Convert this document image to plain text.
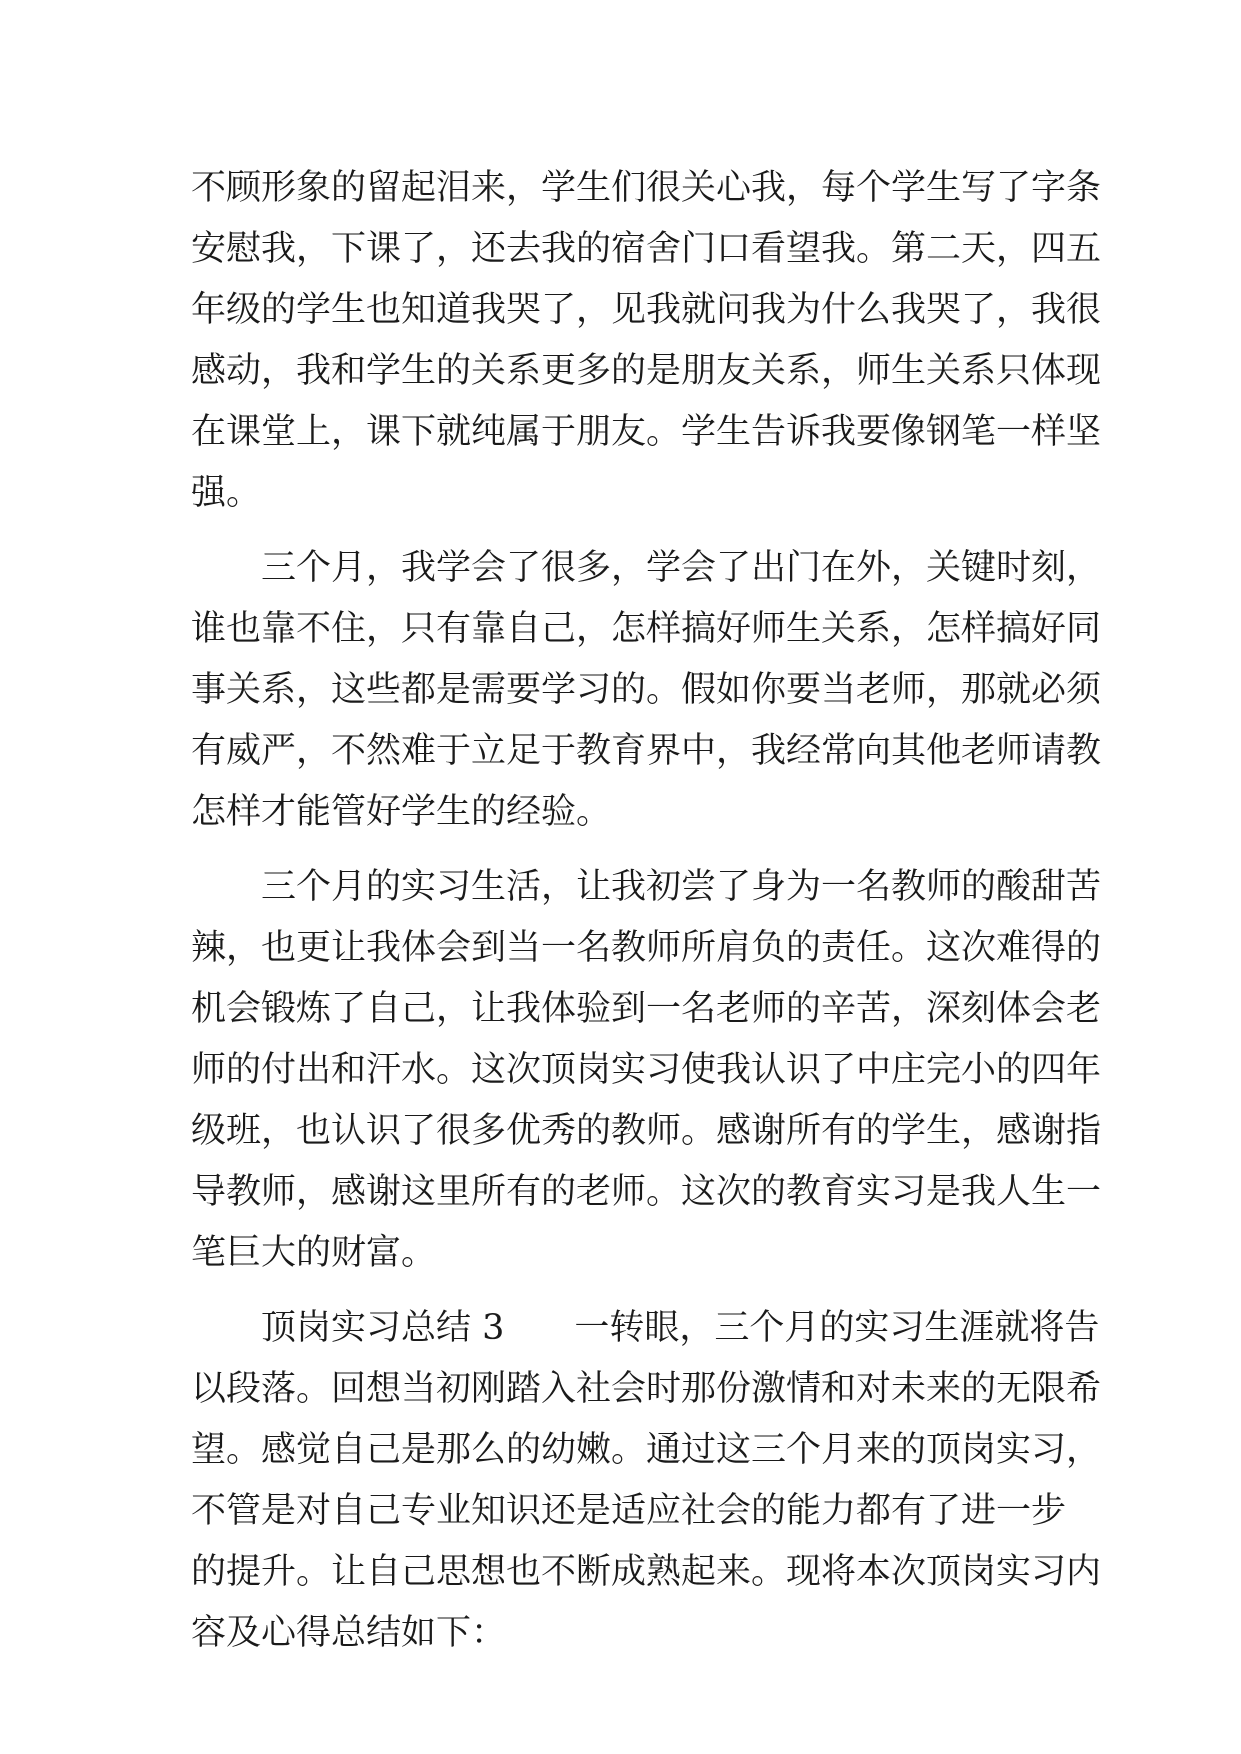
不顾形象的留起泪来，学生们很关心我，每个学生写了字条
安慰我，下课了，还去我的宿舍门口看望我。第二天，四五
年级的学生也知道我哭了，见我就问我为什么我哭了，我很
感动，我和学生的关系更多的是朋友关系，师生关系只体现
在课堂上，课下就纯属于朋友。学生告诉我要像钢笔一样坚
强。
三个月，我学会了很多，学会了出门在外，关键时刻，
谁也靠不住，只有靠自己，怎样搞好师生关系，怎样搞好同
事关系，这些都是需要学习的。假如你要当老师，那就必须
有威严，不然难于立足于教育界中，我经常向其他老师请教
怎样才能管好学生的经验。
三个月的实习生活，让我初尝了身为一名教师的酸甜苦
辣，也更让我体会到当一名教师所肩负的责任。这次难得的
机会锻炼了自己，让我体验到一名老师的辛苦，深刻体会老
师的付出和汗水。这次顶岗实习使我认识了中庄完小的四年
级班，也认识了很多优秀的教师。感谢所有的学生，感谢指
导教师，感谢这里所有的老师。这次的教育实习是我人生一
笔巨大的财富。
顶岗实习总结 3　　一转眼，三个月的实习生涯就将告
以段落。回想当初刚踏入社会时那份激情和对未来的无限希
望。感觉自己是那么的幼嫩。通过这三个月来的顶岗实习，
不管是对自己专业知识还是适应社会的能力都有了进一步
的提升。让自己思想也不断成熟起来。现将本次顶岗实习内
容及心得总结如下：
